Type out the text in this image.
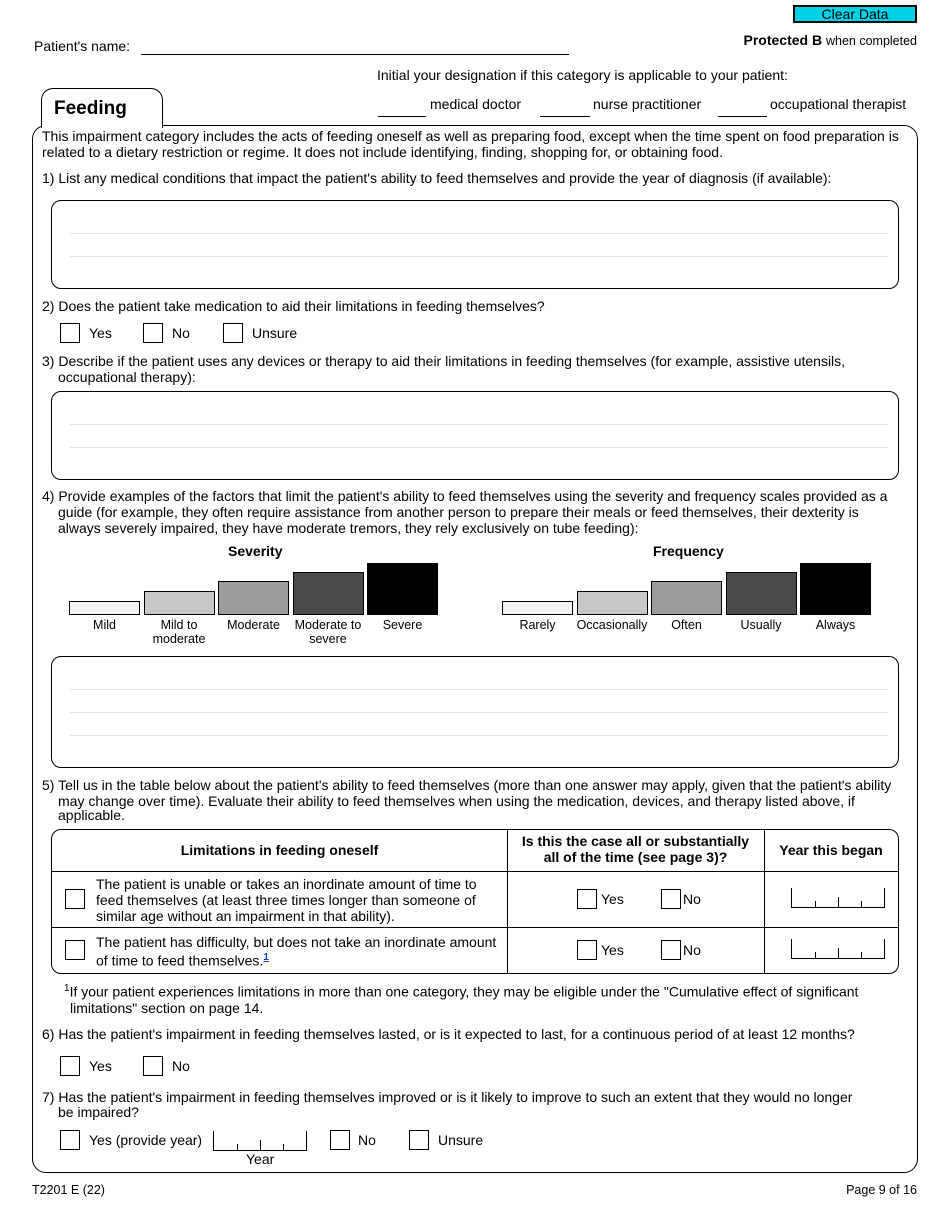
Clear Data
Protected B when completed
Patient's name:
Initial your designation if this category is applicable to your patient:
medical doctor	nurse practitioner	occupational therapist
Feeding
This impairment category includes the acts of feeding oneself as well as preparing food, except when the time spent on food preparation is related to a dietary restriction or regime. It does not include identifying, finding, shopping for, or obtaining food.
1) List any medical conditions that impact the patient's ability to feed themselves and provide the year of diagnosis (if available):
2) Does the patient take medication to aid their limitations in feeding themselves?
Yes	No	Unsure
3) Describe if the patient uses any devices or therapy to aid their limitations in feeding themselves (for example, assistive utensils,
occupational therapy):
4) Provide examples of the factors that limit the patient's ability to feed themselves using the severity and frequency scales provided as a
guide (for example, they often require assistance from another person to prepare their meals or feed themselves, their dexterity is
always severely impaired, they have moderate tremors, they rely exclusively on tube feeding):
Severity	Frequency
Mild	Mild to
moderate
Moderate	Moderate to
severe
Severe	Rarely	Occasionally	Often	Usually	Always
5) Tell us in the table below about the patient's ability to feed themselves (more than one answer may apply, given that the patient's ability
may change over time). Evaluate their ability to feed themselves when using the medication, devices, and therapy listed above, if
applicable.
Limitations in feeding oneself
Is this the case all or substantially
all of the time (see page 3)?	Year this began
The patient is unable or takes an inordinate amount of time to
feed themselves (at least three times longer than someone of
similar age without an impairment in that ability).
Yes	No
The patient has difficulty, but does not take an inordinate amount
of time to feed themselves.$^1$	Yes	No
$^1$If your patient experiences limitations in more than one category, they may be eligible under the "Cumulative effect of significant
limitations" section on page 14.
6) Has the patient's impairment in feeding themselves lasted, or is it expected to last, for a continuous period of at least 12 months?
Yes	No
7) Has the patient's impairment in feeding themselves improved or is it likely to improve to such an extent that they would no longer
be impaired?
Yes (provide year)
Year
No	Unsure
T2201 E (22)	Page 9 of 16
